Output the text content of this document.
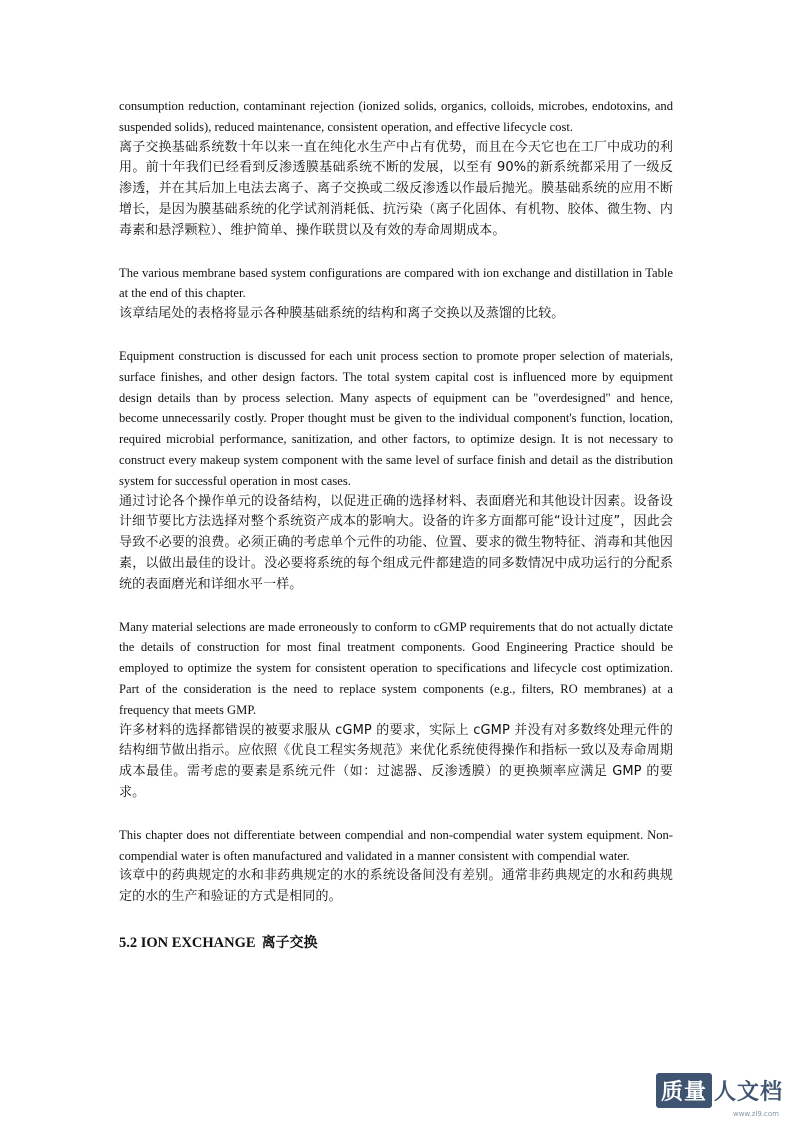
consumption reduction, contaminant rejection (ionized solids, organics, colloids, microbes, endotoxins, and suspended solids), reduced maintenance, consistent operation, and effective lifecycle cost.

离子交换基础系统数十年以来一直在纯化水生产中占有优势，而且在今天它也在工厂中成功的利用。前十年我们已经看到反渗透膜基础系统不断的发展，以至有 90%的新系统都采用了一级反渗透，并在其后加上电法去离子、离子交换或二级反渗透以作最后抛光。膜基础系统的应用不断增长，是因为膜基础系统的化学试剂消耗低、抗污染（离子化固体、有机物、胶体、微生物、内毒素和悬浮颗粒）、维护简单、操作联贯以及有效的寿命周期成本。

The various membrane based system configurations are compared with ion exchange and distillation in Table at the end of this chapter.

该章结尾处的表格将显示各种膜基础系统的结构和离子交换以及蒸馏的比较。

Equipment construction is discussed for each unit process section to promote proper selection of materials, surface finishes, and other design factors. The total system capital cost is influenced more by equipment design details than by process selection. Many aspects of equipment can be "overdesigned" and hence, become unnecessarily costly. Proper thought must be given to the individual component's function, location, required microbial performance, sanitization, and other factors, to optimize design. It is not necessary to construct every makeup system component with the same level of surface finish and detail as the distribution system for successful operation in most cases.

通过讨论各个操作单元的设备结构，以促进正确的选择材料、表面磨光和其他设计因素。设备设计细节要比方法选择对整个系统资产成本的影响大。设备的许多方面都可能“设计过度”，因此会导致不必要的浪费。必须正确的考虑单个元件的功能、位置、要求的微生物特征、消毒和其他因素，以做出最佳的设计。没必要将系统的每个组成元件都建造的同多数情况中成功运行的分配系统的表面磨光和详细水平一样。

Many material selections are made erroneously to conform to cGMP requirements that do not actually dictate the details of construction for most final treatment components. Good Engineering Practice should be employed to optimize the system for consistent operation to specifications and lifecycle cost optimization. Part of the consideration is the need to replace system components (e.g., filters, RO membranes) at a frequency that meets GMP.

许多材料的选择都错误的被要求服从 cGMP 的要求，实际上 cGMP 并没有对多数终处理元件的结构细节做出指示。应依照《优良工程实务规范》来优化系统使得操作和指标一致以及寿命周期成本最佳。需考虑的要素是系统元件（如：过滤器、反渗透膜）的更换频率应满足 GMP 的要求。

This chapter does not differentiate between compendial and non-compendial water system equipment. Non-compendial water is often manufactured and validated in a manner consistent with compendial water.

该章中的药典规定的水和非药典规定的水的系统设备间没有差别。通常非药典规定的水和药典规定的水的生产和验证的方式是相同的。

5.2 ION EXCHANGE 离子交换
质量 人文档
www.zl9.com
